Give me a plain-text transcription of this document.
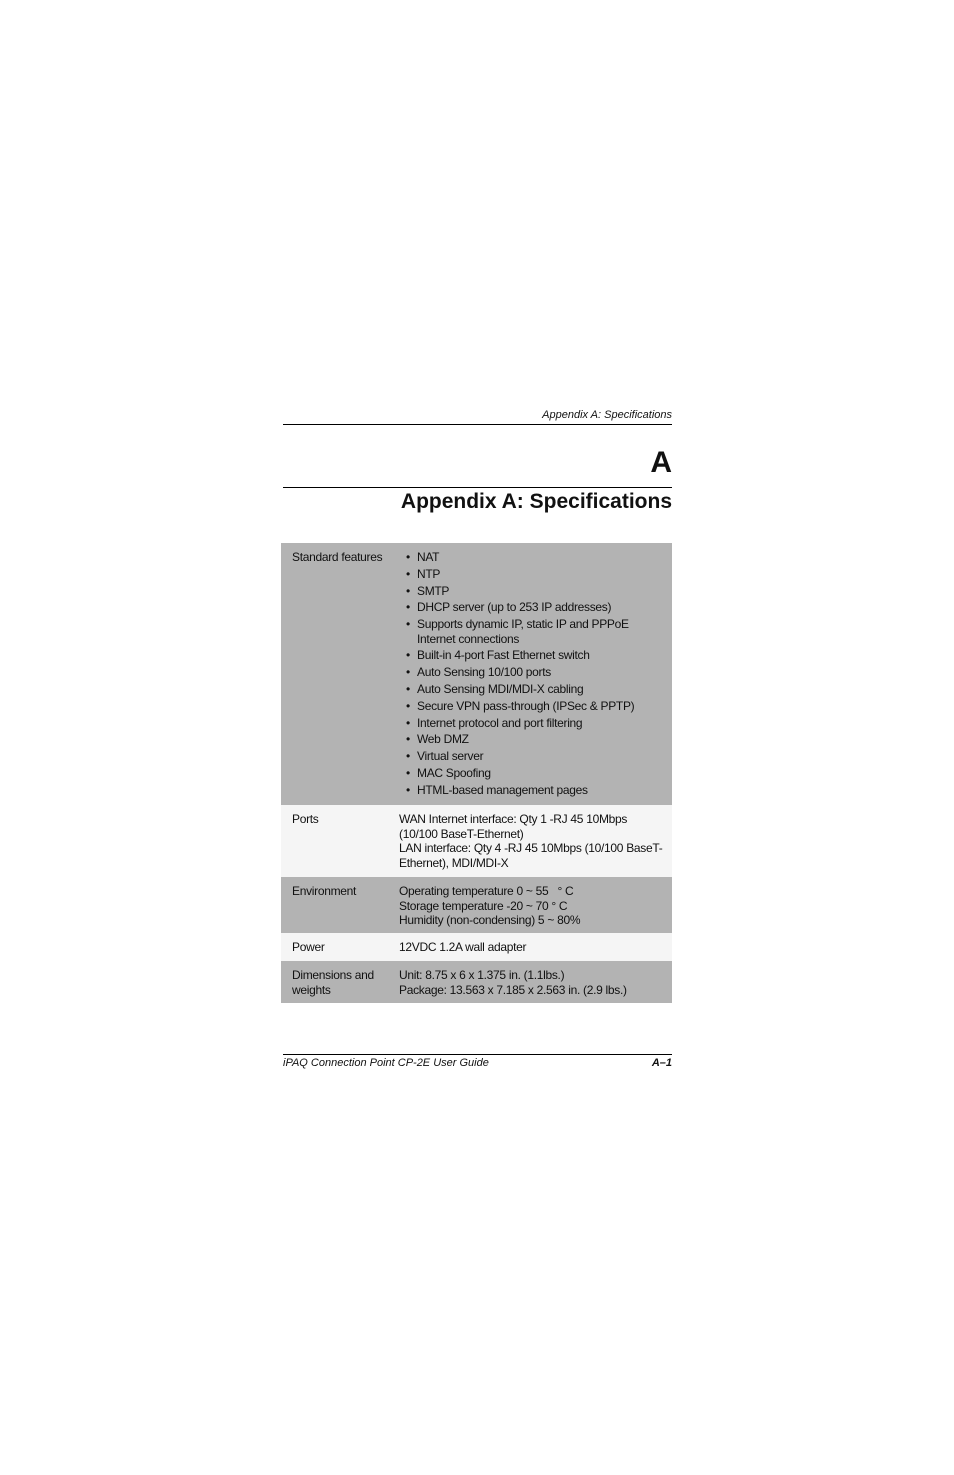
Appendix A: Specifications
A
Appendix A: Specifications
Standard features
•	NAT
• NTP
• SMTP
• DHCP server (up to 253 IP addresses)
• Supports dynamic IP, static IP and PPPoE Internet connections
• Built-in 4-port Fast Ethernet switch
• Auto Sensing 10/100 ports
• Auto Sensing MDI/MDI-X cabling
• Secure VPN pass-through (IPSec & PPTP)
• Internet protocol and port filtering
• Web DMZ
• Virtual server
• MAC Spoofing
• HTML-based management pages
Ports	WAN Internet interface: Qty 1 -RJ 45 10Mbps (10/100 BaseT-Ethernet)
LAN interface: Qty 4 -RJ 45 10Mbps (10/100 BaseT-Ethernet), MDI/MDI-X
Environment	Operating temperature 0 ~ 55   ° C
Storage temperature -20 ~ 70 ° C
Humidity (non-condensing) 5 ~ 80%
Power	12VDC 1.2A wall adapter
Dimensions and weights
Unit: 8.75 x 6 x 1.375 in. (1.1lbs.)
Package: 13.563 x 7.185 x 2.563 in. (2.9 lbs.)
iPAQ Connection Point CP-2E User Guide	A–1
